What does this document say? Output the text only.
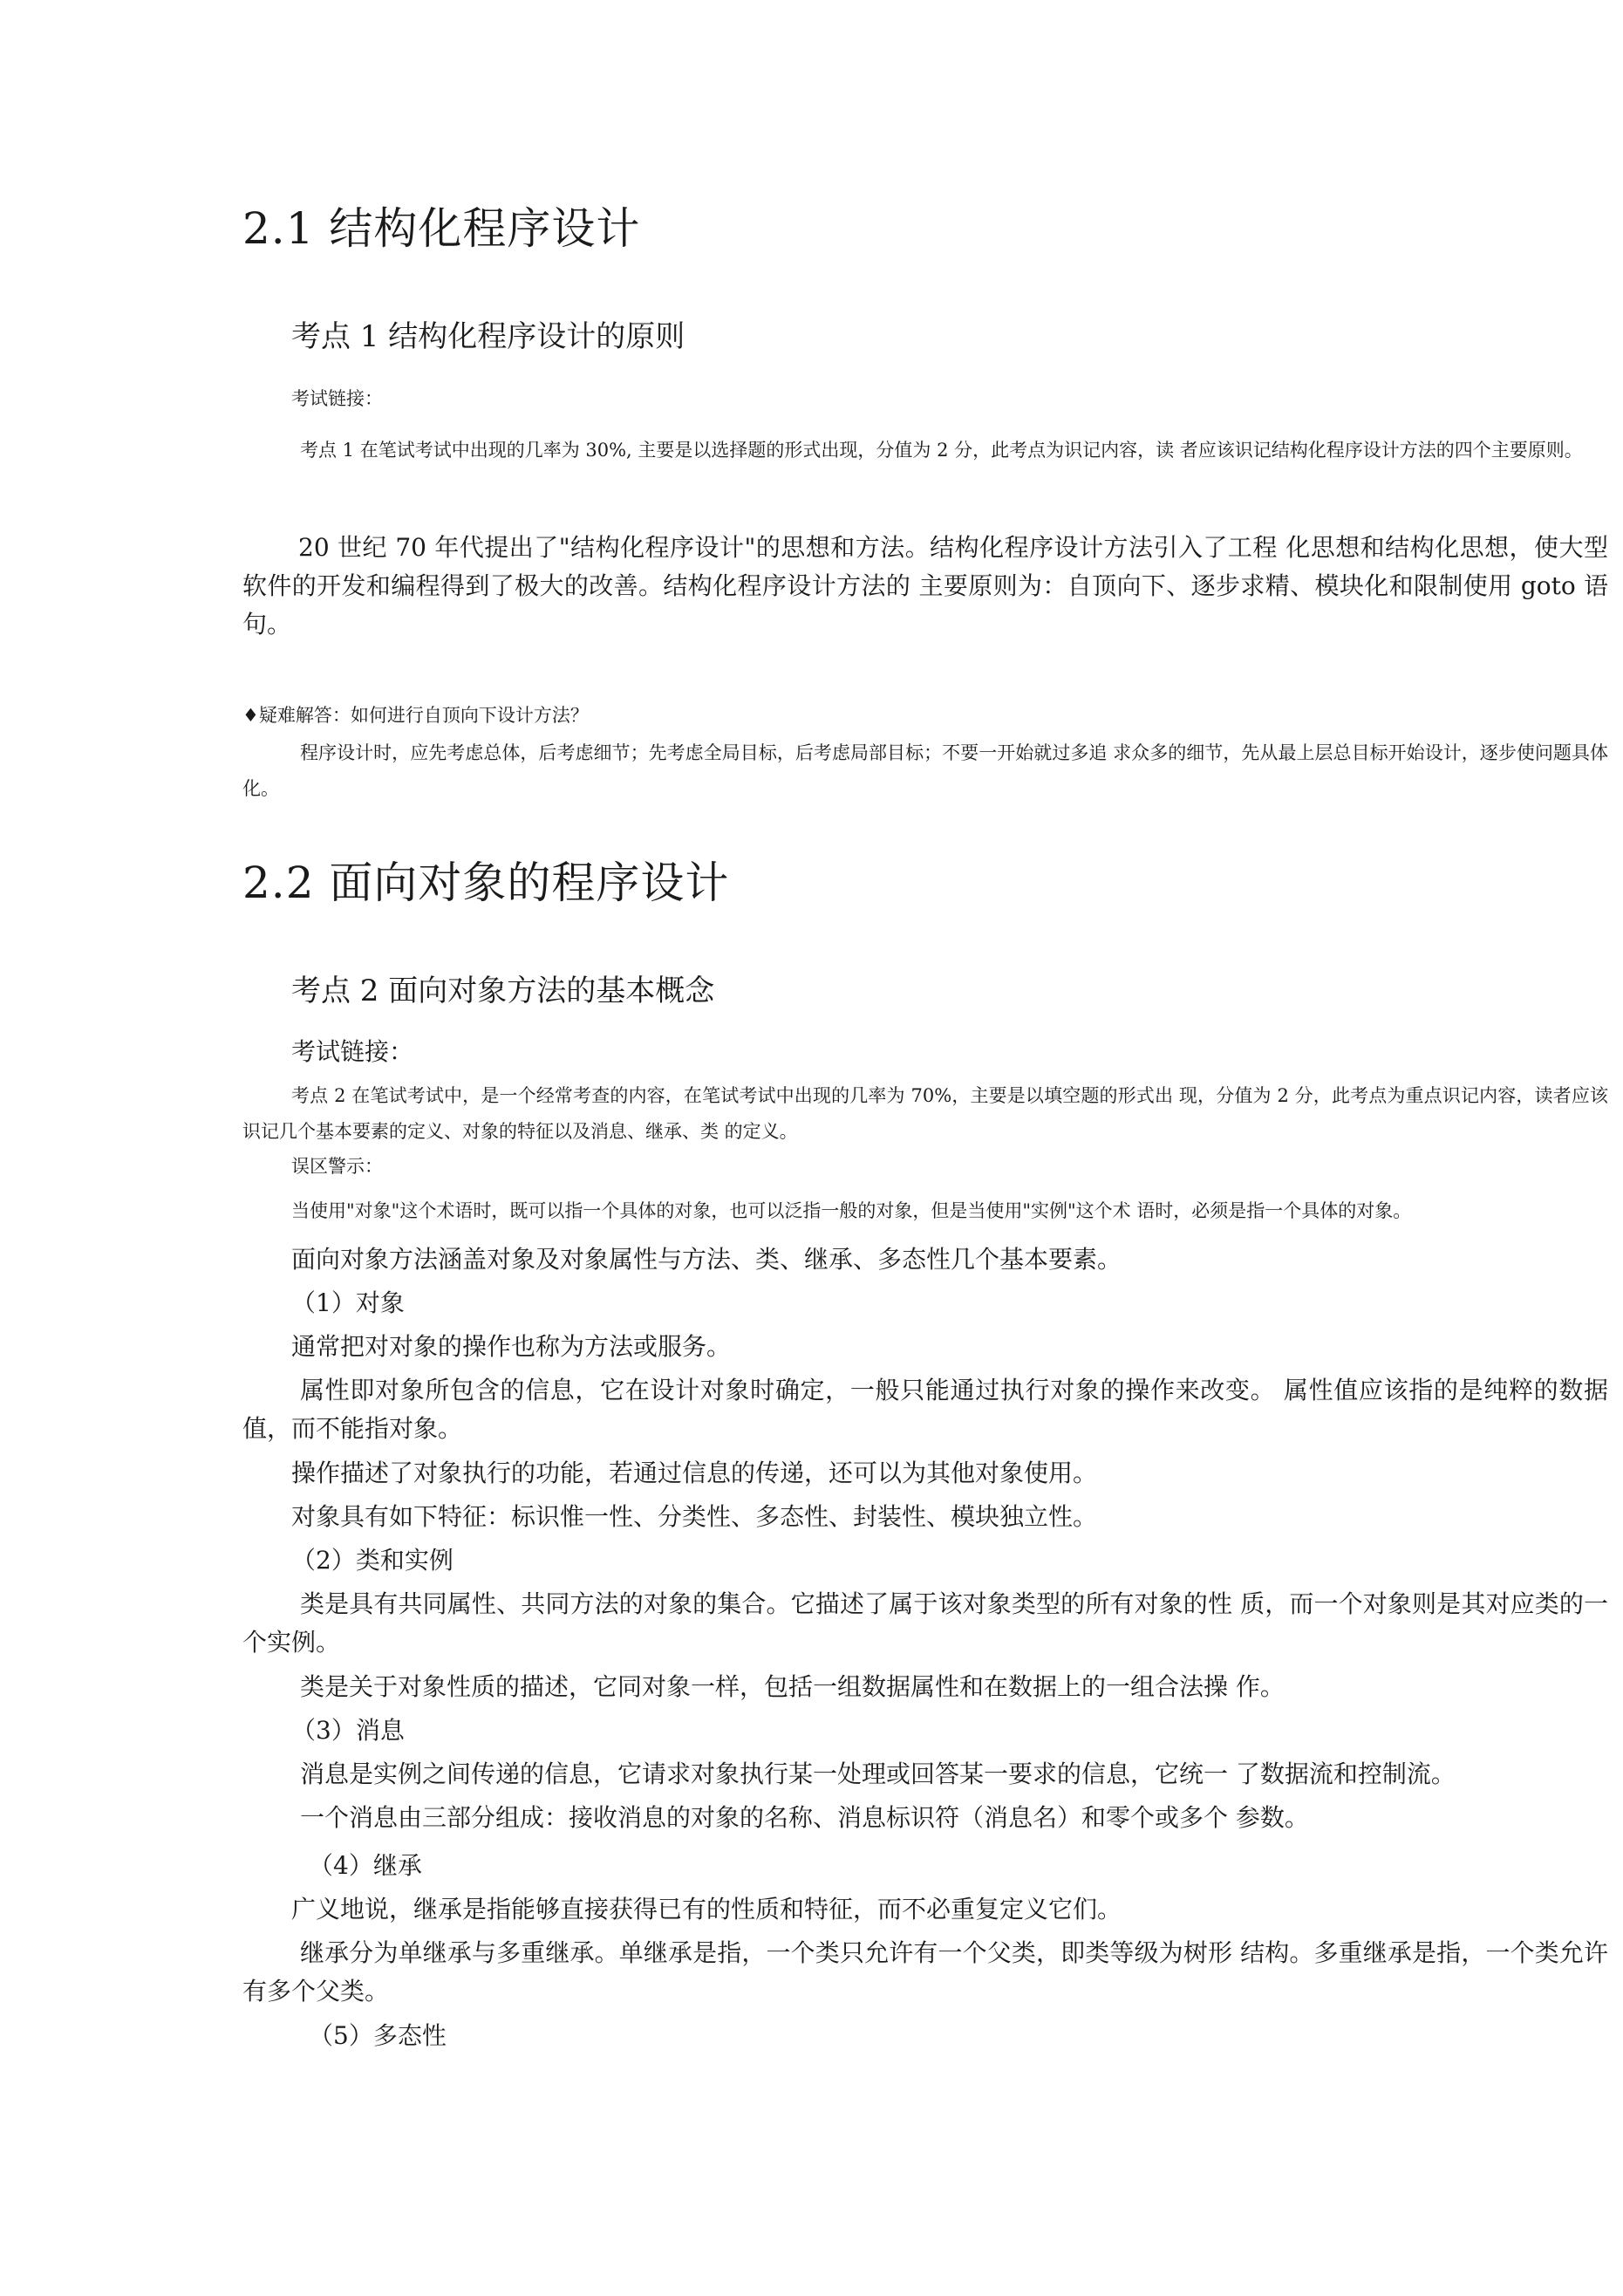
2.1 结构化程序设计
考点 1 结构化程序设计的原则

考试链接：

考点 1 在笔试考试中出现的几率为 30%, 主要是以选择题的形式出现，分值为 2 分，此考点为识记内容，读 者应该识记结构化程序设计方法的四个主要原则。

20 世纪 70 年代提出了"结构化程序设计"的思想和方法。结构化程序设计方法引入了工程 化思想和结构化思想，使大型软件的开发和编程得到了极大的改善。结构化程序设计方法的 主要原则为：自顶向下、逐步求精、模块化和限制使用 goto 语句。

♦疑难解答：如何进行自顶向下设计方法？

程序设计时，应先考虑总体，后考虑细节；先考虑全局目标，后考虑局部目标；不要一开始就过多追 求众多的细节，先从最上层总目标开始设计，逐步使问题具体化。

2.2 面向对象的程序设计
考点 2 面向对象方法的基本概念

考试链接：

考点 2 在笔试考试中，是一个经常考查的内容，在笔试考试中出现的几率为 70%，主要是以填空题的形式出 现，分值为 2 分，此考点为重点识记内容，读者应该识记几个基本要素的定义、对象的特征以及消息、继承、类 的定义。

误区警示：

当使用"对象"这个术语时，既可以指一个具体的对象，也可以泛指一般的对象，但是当使用"实例"这个术 语时，必须是指一个具体的对象。

面向对象方法涵盖对象及对象属性与方法、类、继承、多态性几个基本要素。

（1）对象

通常把对对象的操作也称为方法或服务。

属性即对象所包含的信息，它在设计对象时确定，一般只能通过执行对象的操作来改变。 属性值应该指的是纯粹的数据值，而不能指对象。

操作描述了对象执行的功能，若通过信息的传递，还可以为其他对象使用。

对象具有如下特征：标识惟一性、分类性、多态性、封装性、模块独立性。

（2）类和实例

类是具有共同属性、共同方法的对象的集合。它描述了属于该对象类型的所有对象的性 质，而一个对象则是其对应类的一个实例。

类是关于对象性质的描述，它同对象一样，包括一组数据属性和在数据上的一组合法操 作。

（3）消息

消息是实例之间传递的信息，它请求对象执行某一处理或回答某一要求的信息，它统一 了数据流和控制流。

一个消息由三部分组成：接收消息的对象的名称、消息标识符（消息名）和零个或多个 参数。

（4）继承

广义地说，继承是指能够直接获得已有的性质和特征，而不必重复定义它们。

继承分为单继承与多重继承。单继承是指，一个类只允许有一个父类，即类等级为树形 结构。多重继承是指，一个类允许有多个父类。

（5）多态性
